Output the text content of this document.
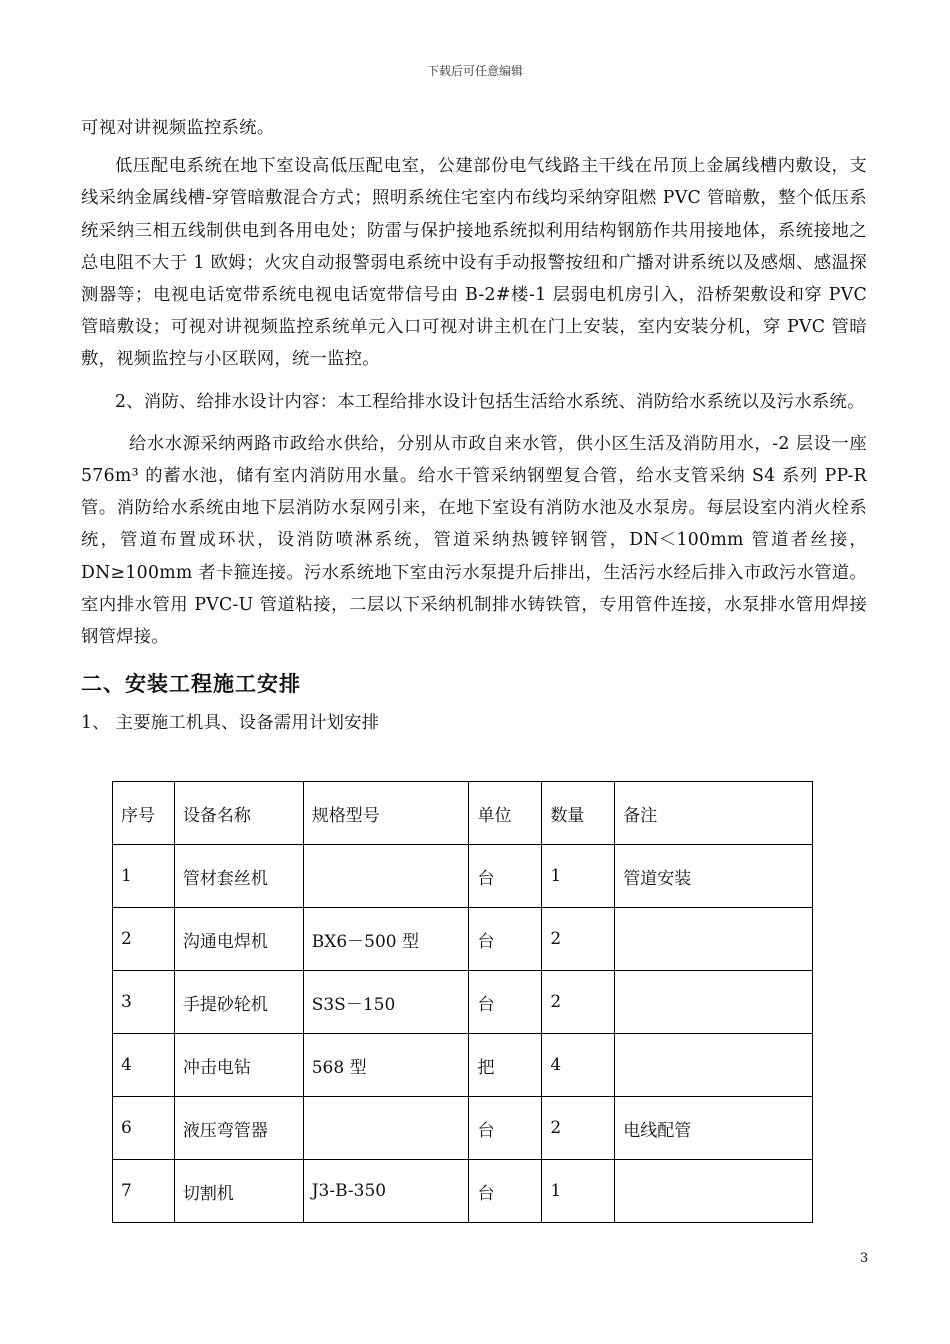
下载后可任意编辑

可视对讲视频监控系统。

低压配电系统在地下室设高低压配电室，公建部份电气线路主干线在吊顶上金属线槽内敷设，支线采纳金属线槽-穿管暗敷混合方式；照明系统住宅室内布线均采纳穿阻燃 PVC 管暗敷，整个低压系统采纳三相五线制供电到各用电处；防雷与保护接地系统拟利用结构钢筋作共用接地体，系统接地之总电阻不大于 1 欧姆；火灾自动报警弱电系统中设有手动报警按纽和广播对讲系统以及感烟、感温探测器等；电视电话宽带系统电视电话宽带信号由 B-2#楼-1 层弱电机房引入，沿桥架敷设和穿 PVC 管暗敷设；可视对讲视频监控系统单元入口可视对讲主机在门上安装，室内安装分机，穿 PVC 管暗敷，视频监控与小区联网，统一监控。

2、消防、给排水设计内容：本工程给排水设计包括生活给水系统、消防给水系统以及污水系统。

给水水源采纳两路市政给水供给，分别从市政自来水管，供小区生活及消防用水，-2 层设一座 576m³ 的蓄水池，储有室内消防用水量。给水干管采纳钢塑复合管，给水支管采纳 S4 系列 PP-R 管。消防给水系统由地下层消防水泵网引来，在地下室设有消防水池及水泵房。每层设室内消火栓系统，管道布置成环状，设消防喷淋系统，管道采纳热镀锌钢管，DN＜100mm 管道者丝接，DN≥100mm 者卡箍连接。污水系统地下室由污水泵提升后排出，生活污水经后排入市政污水管道。室内排水管用 PVC-U 管道粘接，二层以下采纳机制排水铸铁管，专用管件连接，水泵排水管用焊接钢管焊接。

二、安装工程施工安排

1、 主要施工机具、设备需用计划安排

序号	设备名称	规格型号	单位	数量	备注
1	管材套丝机		台	1	管道安装
2	沟通电焊机	BX6－500 型	台	2	
3	手提砂轮机	S3S－150	台	2	
4	冲击电钻	568 型	把	4	
6	液压弯管器		台	2	电线配管
7	切割机	J3-B-350	台	1	
3
